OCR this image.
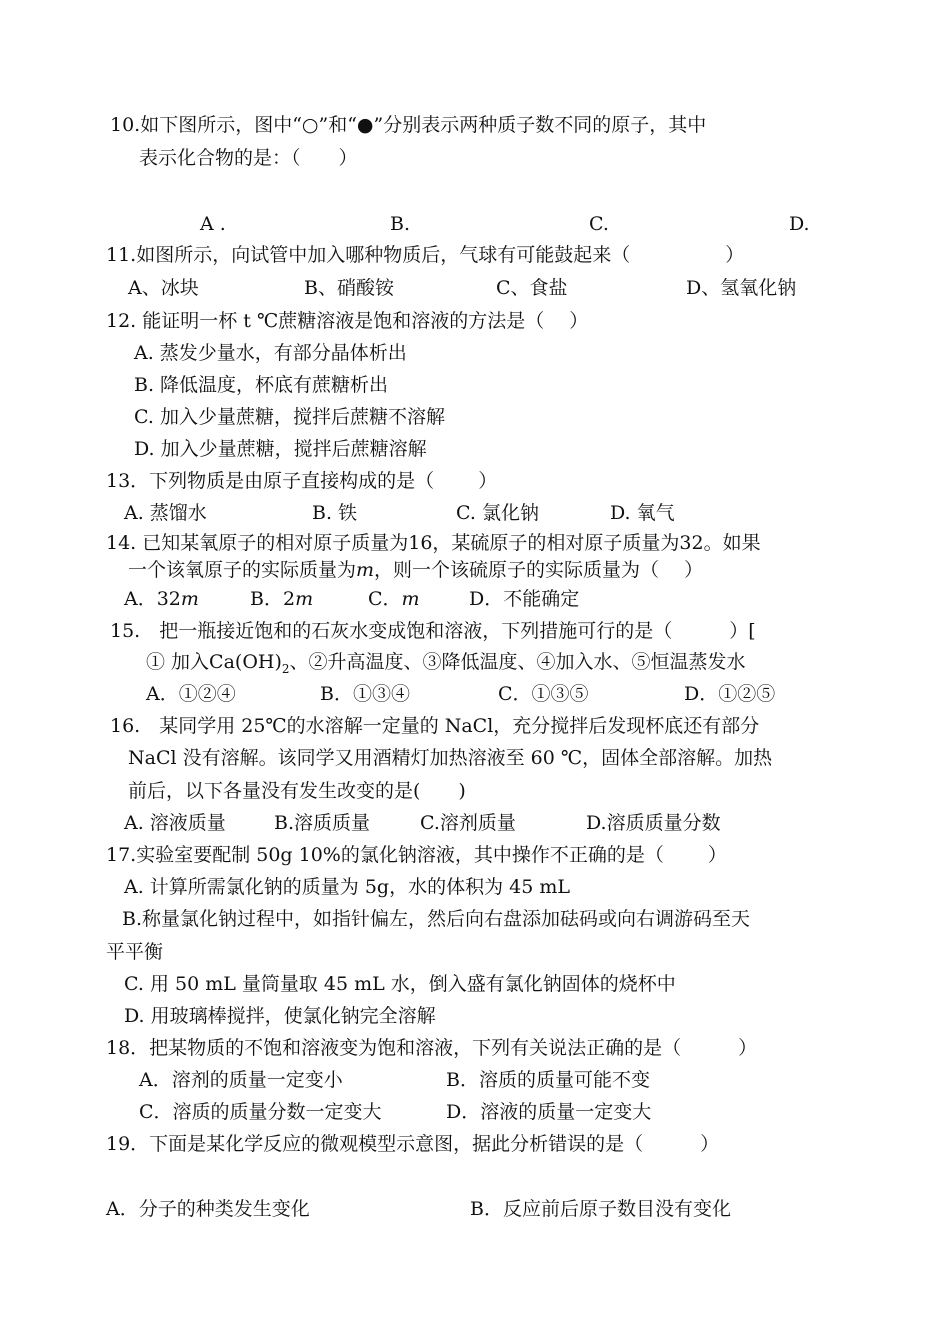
10.如下图所示，图中“○”和“●”分别表示两种质子数不同的原子，其中
表示化合物的是：（　　）
A .	B.	C.	D.
11.如图所示，向试管中加入哪种物质后，气球有可能鼓起来（　　　　　）
A、冰块	B、硝酸铵	C、食盐	D、氢氧化钠
12. 能证明一杯 t ℃蔗糖溶液是饱和溶液的方法是（　 ）
A. 蒸发少量水，有部分晶体析出
B. 降低温度，杯底有蔗糖析出
C. 加入少量蔗糖，搅拌后蔗糖不溶解
D. 加入少量蔗糖，搅拌后蔗糖溶解
13．下列物质是由原子直接构成的是（　　 ）
A. 蒸馏水	B. 铁	C. 氯化钠	D. 氧气
14. 已知某氧原子的相对原子质量为16，某硫原子的相对原子质量为32。如果
一个该氧原子的实际质量为m，则一个该硫原子的实际质量为（　 ）
A．32m	B．2m	C．m	D．不能确定
15.　把一瓶接近饱和的石灰水变成饱和溶液，下列措施可行的是（　　　）[
① 加入$Ca(OH)_2$、②升高温度、③降低温度、④加入水、⑤恒温蒸发水
A．①②④	B．①③④	C．①③⑤	D．①②⑤
16.　某同学用 25℃的水溶解一定量的 NaCl，充分搅拌后发现杯底还有部分
NaCl 没有溶解。该同学又用酒精灯加热溶液至 60 ℃，固体全部溶解。加热
前后，以下各量没有发生改变的是(　　)
A. 溶液质量	B.溶质质量	C.溶剂质量	D.溶质质量分数
17.实验室要配制 50g 10%的氯化钠溶液，其中操作不正确的是（　　 ）
A. 计算所需氯化钠的质量为 5g，水的体积为 45 mL
B.称量氯化钠过程中，如指针偏左，然后向右盘添加砝码或向右调游码至天
平平衡
C. 用 50 mL 量筒量取 45 mL 水，倒入盛有氯化钠固体的烧杯中
D. 用玻璃棒搅拌，使氯化钠完全溶解
18．把某物质的不饱和溶液变为饱和溶液，下列有关说法正确的是（　　　）
A．溶剂的质量一定变小	B．溶质的质量可能不变
C．溶质的质量分数一定变大	D．溶液的质量一定变大
19．下面是某化学反应的微观模型示意图，据此分析错误的是（　　　）
A．分子的种类发生变化	B．反应前后原子数目没有变化
